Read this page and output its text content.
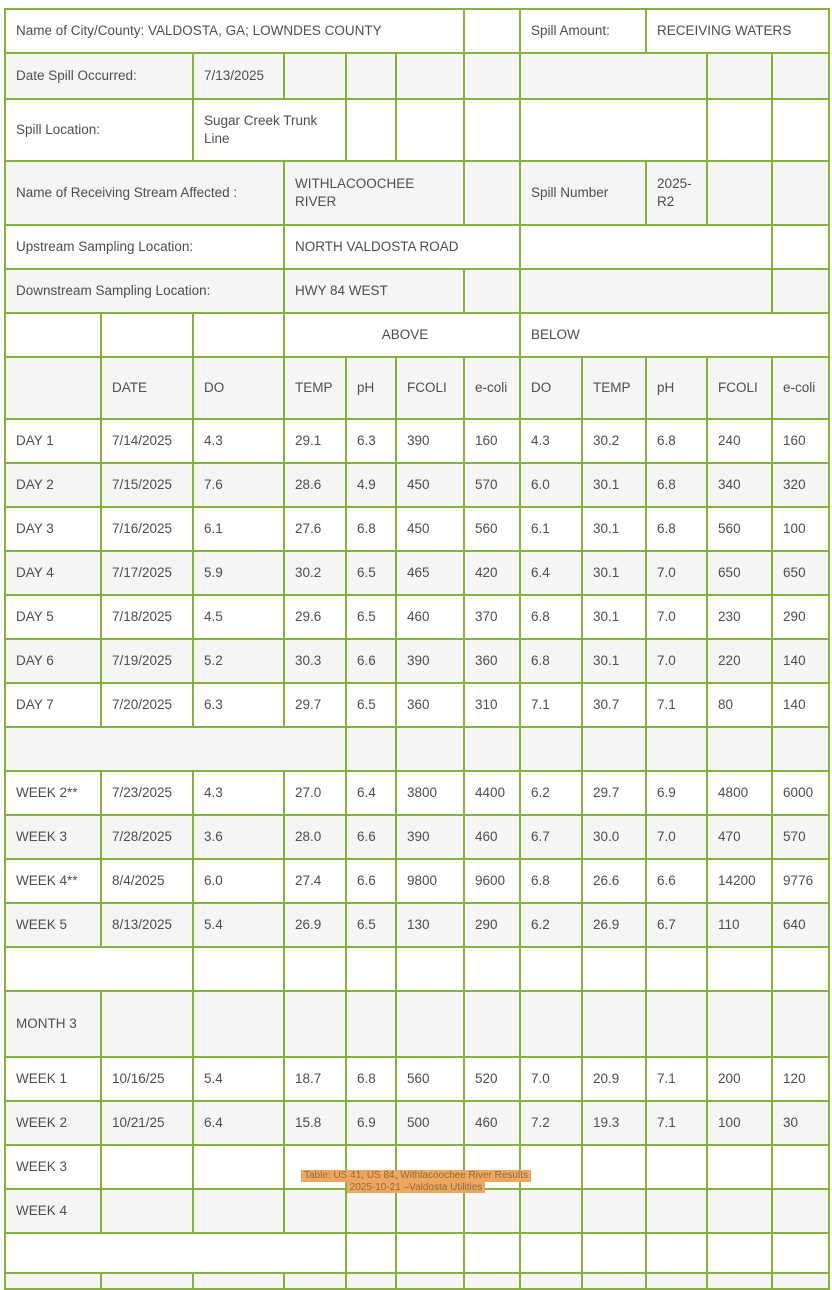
Name of City/County: VALDOSTA, GA; LOWNDES COUNTY							Spill Amount:		RECEIVING WATERS		
Date Spill Occurred:		7/13/2025									
Spill Location:		Sugar Creek Trunk Line									
Name of Receiving Stream Affected :			WITHLACOOCHEE RIVER				Spill Number		2025-R2		
Upstream Sampling Location:			NORTH VALDOSTA ROAD								
Downstream Sampling Location:			HWY 84 WEST								
			ABOVE				BELOW				
	DATE	DO	TEMP	pH	FCOLI	e-coli	DO	TEMP	pH	FCOLI	e-coli
DAY 1	7/14/2025	4.3	29.1	6.3	390	160	4.3	30.2	6.8	240	160
DAY 2	7/15/2025	7.6	28.6	4.9	450	570	6.0	30.1	6.8	340	320
DAY 3	7/16/2025	6.1	27.6	6.8	450	560	6.1	30.1	6.8	560	100
DAY 4	7/17/2025	5.9	30.2	6.5	465	420	6.4	30.1	7.0	650	650
DAY 5	7/18/2025	4.5	29.6	6.5	460	370	6.8	30.1	7.0	230	290
DAY 6	7/19/2025	5.2	30.3	6.6	390	360	6.8	30.1	7.0	220	140
DAY 7	7/20/2025	6.3	29.7	6.5	360	310	7.1	30.7	7.1	80	140

WEEK 2**	7/23/2025	4.3	27.0	6.4	3800	4400	6.2	29.7	6.9	4800	6000
WEEK 3	7/28/2025	3.6	28.0	6.6	390	460	6.7	30.0	7.0	470	570
WEEK 4**	8/4/2025	6.0	27.4	6.6	9800	9600	6.8	26.6	6.6	14200	9776
WEEK 5	8/13/2025	5.4	26.9	6.5	130	290	6.2	26.9	6.7	110	640

MONTH 3											
WEEK 1	10/16/25	5.4	18.7	6.8	560	520	7.0	20.9	7.1	200	120
WEEK 2	10/21/25	6.4	15.8	6.9	500	460	7.2	19.3	7.1	100	30
WEEK 3											
WEEK 4											

Table: US 41, US 84, Withlacoochee River Results
2025-10-21 –Valdosta Utilities
